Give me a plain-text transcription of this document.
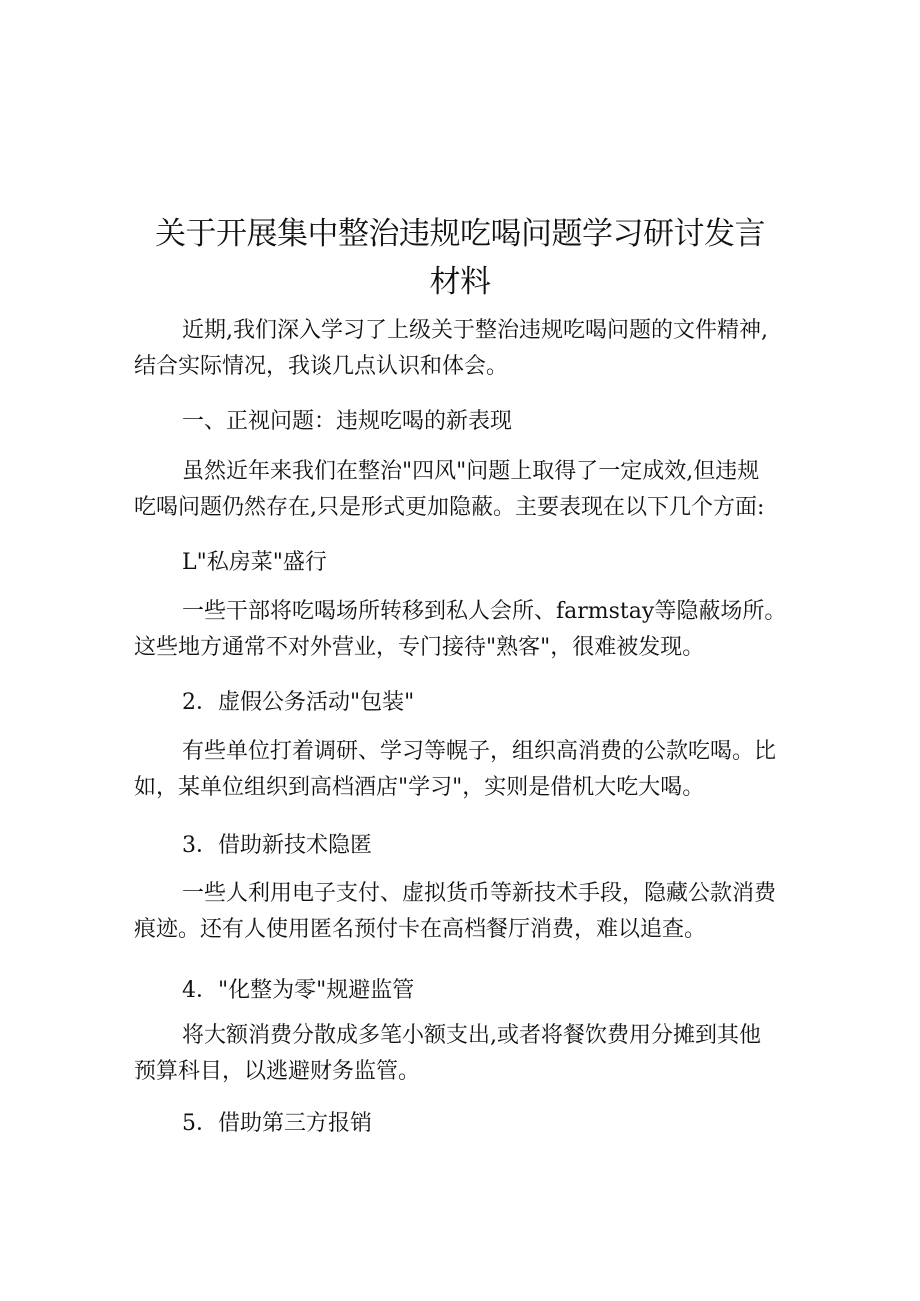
关于开展集中整治违规吃喝问题学习研讨发言
材料
近期,我们深入学习了上级关于整治违规吃喝问题的文件精神,
结合实际情况，我谈几点认识和体会。
一、正视问题：违规吃喝的新表现
虽然近年来我们在整治"四风"问题上取得了一定成效,但违规
吃喝问题仍然存在,只是形式更加隐蔽。主要表现在以下几个方面:
L"私房菜"盛行
一些干部将吃喝场所转移到私人会所、farmstay等隐蔽场所。
这些地方通常不对外营业，专门接待"熟客"，很难被发现。
2．虚假公务活动"包装"
有些单位打着调研、学习等幌子，组织高消费的公款吃喝。比
如，某单位组织到高档酒店"学习"，实则是借机大吃大喝。
3．借助新技术隐匿
一些人利用电子支付、虚拟货币等新技术手段，隐藏公款消费
痕迹。还有人使用匿名预付卡在高档餐厅消费，难以追查。
4．"化整为零"规避监管
将大额消费分散成多笔小额支出,或者将餐饮费用分摊到其他
预算科目，以逃避财务监管。
5．借助第三方报销
